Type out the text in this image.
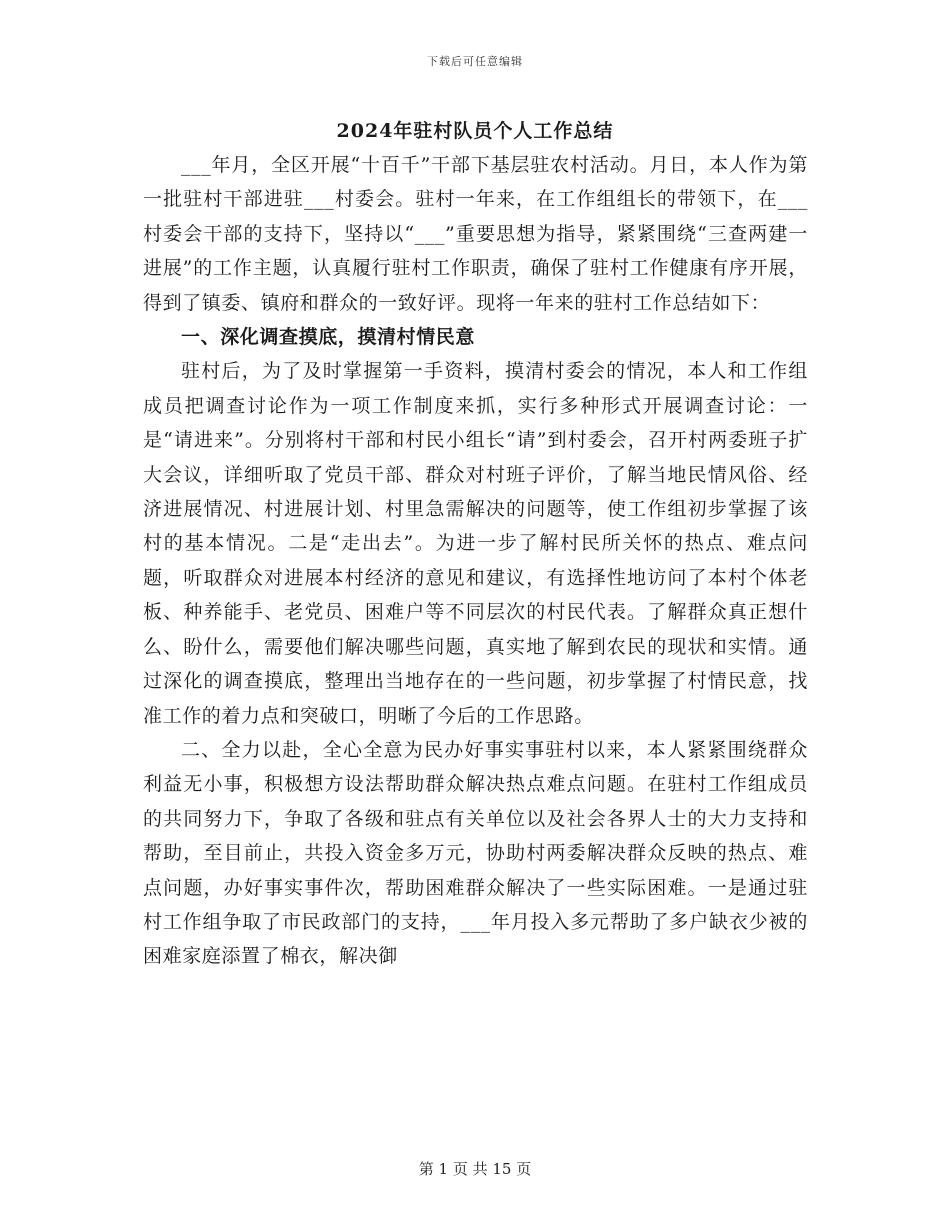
下载后可任意编辑
2024年驻村队员个人工作总结

___年月，全区开展“十百千”干部下基层驻农村活动。月日，本人作为第一批驻村干部进驻___村委会。驻村一年来，在工作组组长的带领下，在___村委会干部的支持下，坚持以“___”重要思想为指导，紧紧围绕“三查两建一进展”的工作主题，认真履行驻村工作职责，确保了驻村工作健康有序开展，得到了镇委、镇府和群众的一致好评。现将一年来的驻村工作总结如下：

一、深化调查摸底，摸清村情民意

驻村后，为了及时掌握第一手资料，摸清村委会的情况，本人和工作组成员把调查讨论作为一项工作制度来抓，实行多种形式开展调查讨论：一是“请进来”。分别将村干部和村民小组长“请”到村委会，召开村两委班子扩大会议，详细听取了党员干部、群众对村班子评价，了解当地民情风俗、经济进展情况、村进展计划、村里急需解决的问题等，使工作组初步掌握了该村的基本情况。二是“走出去”。为进一步了解村民所关怀的热点、难点问题，听取群众对进展本村经济的意见和建议，有选择性地访问了本村个体老板、种养能手、老党员、困难户等不同层次的村民代表。了解群众真正想什么、盼什么，需要他们解决哪些问题，真实地了解到农民的现状和实情。通过深化的调查摸底，整理出当地存在的一些问题，初步掌握了村情民意，找准工作的着力点和突破口，明晰了今后的工作思路。

二、全力以赴，全心全意为民办好事实事驻村以来，本人紧紧围绕群众利益无小事，积极想方设法帮助群众解决热点难点问题。在驻村工作组成员的共同努力下，争取了各级和驻点有关单位以及社会各界人士的大力支持和帮助，至目前止，共投入资金多万元，协助村两委解决群众反映的热点、难点问题，办好事实事件次，帮助困难群众解决了一些实际困难。一是通过驻村工作组争取了市民政部门的支持，___年月投入多元帮助了多户缺衣少被的困难家庭添置了棉衣，解决御

第 1 页 共 15 页
